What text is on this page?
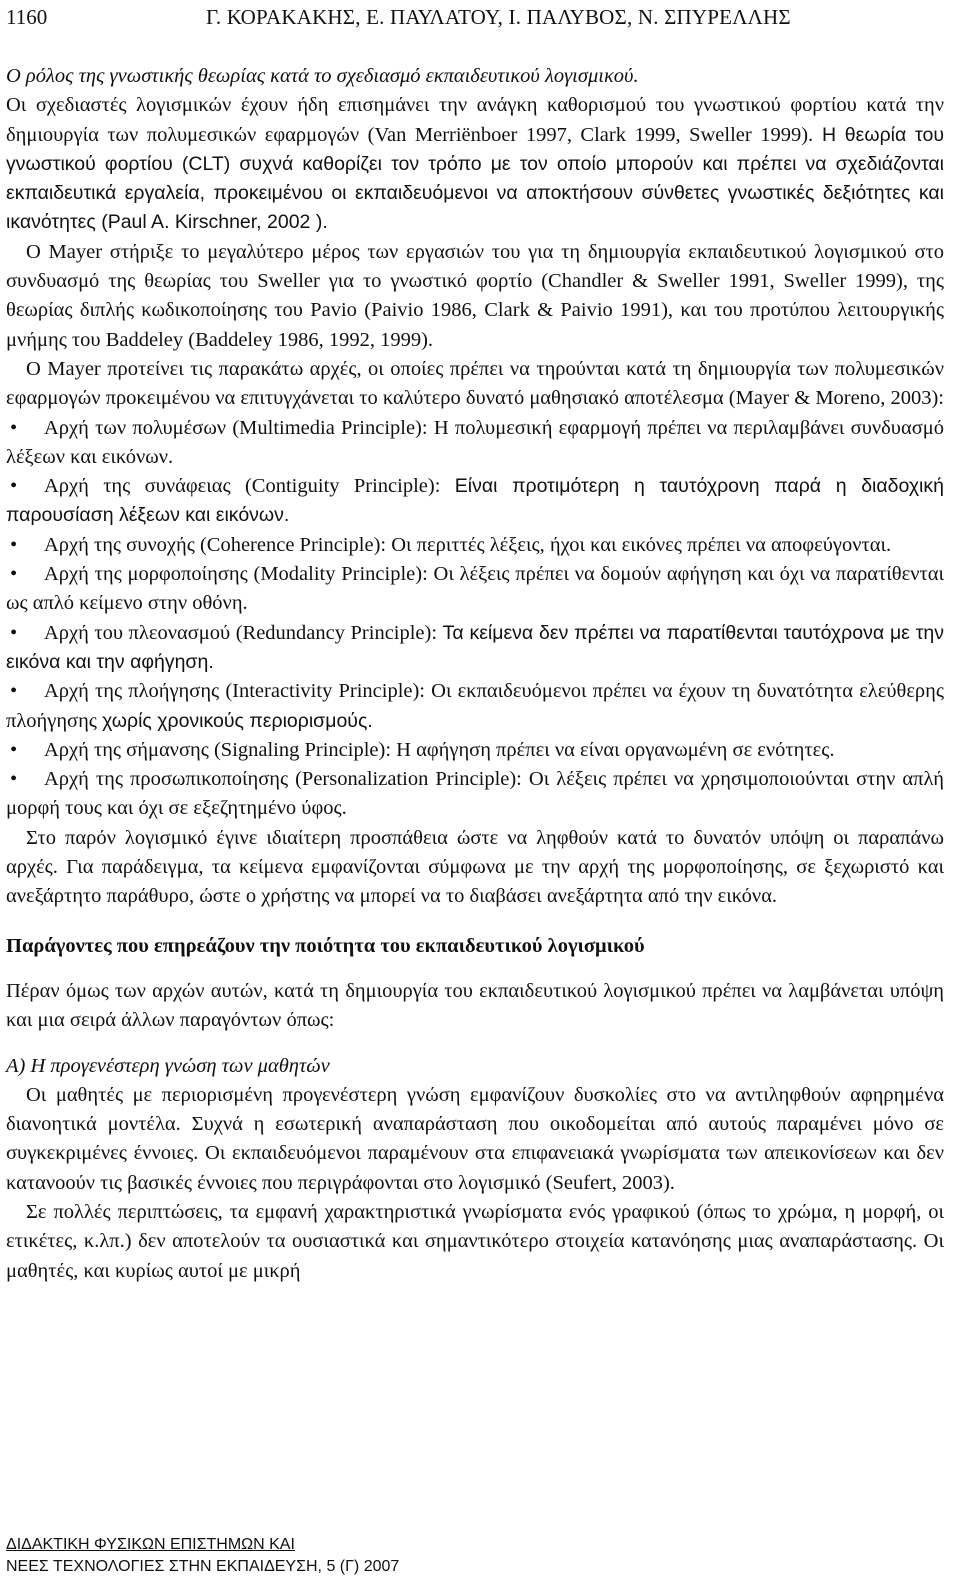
1160	Γ. ΚΟΡΑΚΑΚΗΣ, Ε. ΠΑΥΛΑΤΟΥ, Ι. ΠΑΛΥΒΟΣ, Ν. ΣΠΥΡΕΛΛΗΣ

Ο ρόλος της γνωστικής θεωρίας κατά το σχεδιασμό εκπαιδευτικού λογισμικού.

Οι σχεδιαστές λογισμικών έχουν ήδη επισημάνει την ανάγκη καθορισμού του γνωστικού φορτίου κατά την δημιουργία των πολυμεσικών εφαρμογών (Van Merriënboer 1997, Clark 1999, Sweller 1999). Η θεωρία του γνωστικού φορτίου (CLT) συχνά καθορίζει τον τρόπο με τον οποίο μπορούν και πρέπει να σχεδιάζονται εκπαιδευτικά εργαλεία, προκειμένου οι εκπαιδευόμενοι να αποκτήσουν σύνθετες γνωστικές δεξιότητες και ικανότητες (Paul A. Kirschner, 2002 ).

Ο Mayer στήριξε το μεγαλύτερο μέρος των εργασιών του για τη δημιουργία εκπαιδευτικού λογισμικού στο συνδυασμό της θεωρίας του Sweller για το γνωστικό φορτίο (Chandler & Sweller 1991, Sweller 1999), της θεωρίας διπλής κωδικοποίησης του Pavio (Paivio 1986, Clark & Paivio 1991), και του προτύπου λειτουργικής μνήμης του Baddeley (Baddeley 1986, 1992, 1999).

Ο Mayer προτείνει τις παρακάτω αρχές, οι οποίες πρέπει να τηρούνται κατά τη δημιουργία των πολυμεσικών εφαρμογών προκειμένου να επιτυγχάνεται το καλύτερο δυνατό μαθησιακό αποτέλεσμα (Mayer & Moreno, 2003):

• Αρχή των πολυμέσων (Multimedia Principle): Η πολυμεσική εφαρμογή πρέπει να περιλαμβάνει συνδυασμό λέξεων και εικόνων.

• Αρχή της συνάφειας (Contiguity Principle): Είναι προτιμότερη η ταυτόχρονη παρά η διαδοχική παρουσίαση λέξεων και εικόνων.

• Αρχή της συνοχής (Coherence Principle): Οι περιττές λέξεις, ήχοι και εικόνες πρέπει να αποφεύγονται.

• Αρχή της μορφοποίησης (Modality Principle): Οι λέξεις πρέπει να δομούν αφήγηση και όχι να παρατίθενται ως απλό κείμενο στην οθόνη.

• Αρχή του πλεονασμού (Redundancy Principle): Τα κείμενα δεν πρέπει να παρατίθενται ταυτόχρονα με την εικόνα και την αφήγηση.

• Αρχή της πλοήγησης (Interactivity Principle): Οι εκπαιδευόμενοι πρέπει να έχουν τη δυνατότητα ελεύθερης πλοήγησης χωρίς χρονικούς περιορισμούς.

• Αρχή της σήμανσης (Signaling Principle): Η αφήγηση πρέπει να είναι οργανωμένη σε ενότητες.

• Αρχή της προσωπικοποίησης (Personalization Principle): Οι λέξεις πρέπει να χρησιμοποιούνται στην απλή μορφή τους και όχι σε εξεζητημένο ύφος.

Στο παρόν λογισμικό έγινε ιδιαίτερη προσπάθεια ώστε να ληφθούν κατά το δυνατόν υπόψη οι παραπάνω αρχές. Για παράδειγμα, τα κείμενα εμφανίζονται σύμφωνα με την αρχή της μορφοποίησης, σε ξεχωριστό και ανεξάρτητο παράθυρο, ώστε ο χρήστης να μπορεί να το διαβάσει ανεξάρτητα από την εικόνα.

Παράγοντες που επηρεάζουν την ποιότητα του εκπαιδευτικού λογισμικού

Πέραν όμως των αρχών αυτών, κατά τη δημιουργία του εκπαιδευτικού λογισμικού πρέπει να λαμβάνεται υπόψη και μια σειρά άλλων παραγόντων όπως:

Α) Η προγενέστερη γνώση των μαθητών

Οι μαθητές με περιορισμένη προγενέστερη γνώση εμφανίζουν δυσκολίες στο να αντιληφθούν αφηρημένα διανοητικά μοντέλα. Συχνά η εσωτερική αναπαράσταση που οικοδομείται από αυτούς παραμένει μόνο σε συγκεκριμένες έννοιες. Οι εκπαιδευόμενοι παραμένουν στα επιφανειακά γνωρίσματα των απεικονίσεων και δεν κατανοούν τις βασικές έννοιες που περιγράφονται στο λογισμικό (Seufert, 2003).

Σε πολλές περιπτώσεις, τα εμφανή χαρακτηριστικά γνωρίσματα ενός γραφικού (όπως το χρώμα, η μορφή, οι ετικέτες, κ.λπ.) δεν αποτελούν τα ουσιαστικά και σημαντικότερο στοιχεία κατανόησης μιας αναπαράστασης. Οι μαθητές, και κυρίως αυτοί με μικρή

ΔΙΔΑΚΤΙΚΗ ΦΥΣΙΚΩΝ ΕΠΙΣΤΗΜΩΝ ΚΑΙ
ΝΕΕΣ ΤΕΧΝΟΛΟΓΙΕΣ ΣΤΗΝ ΕΚΠΑΙΔΕΥΣΗ, 5 (Γ) 2007
